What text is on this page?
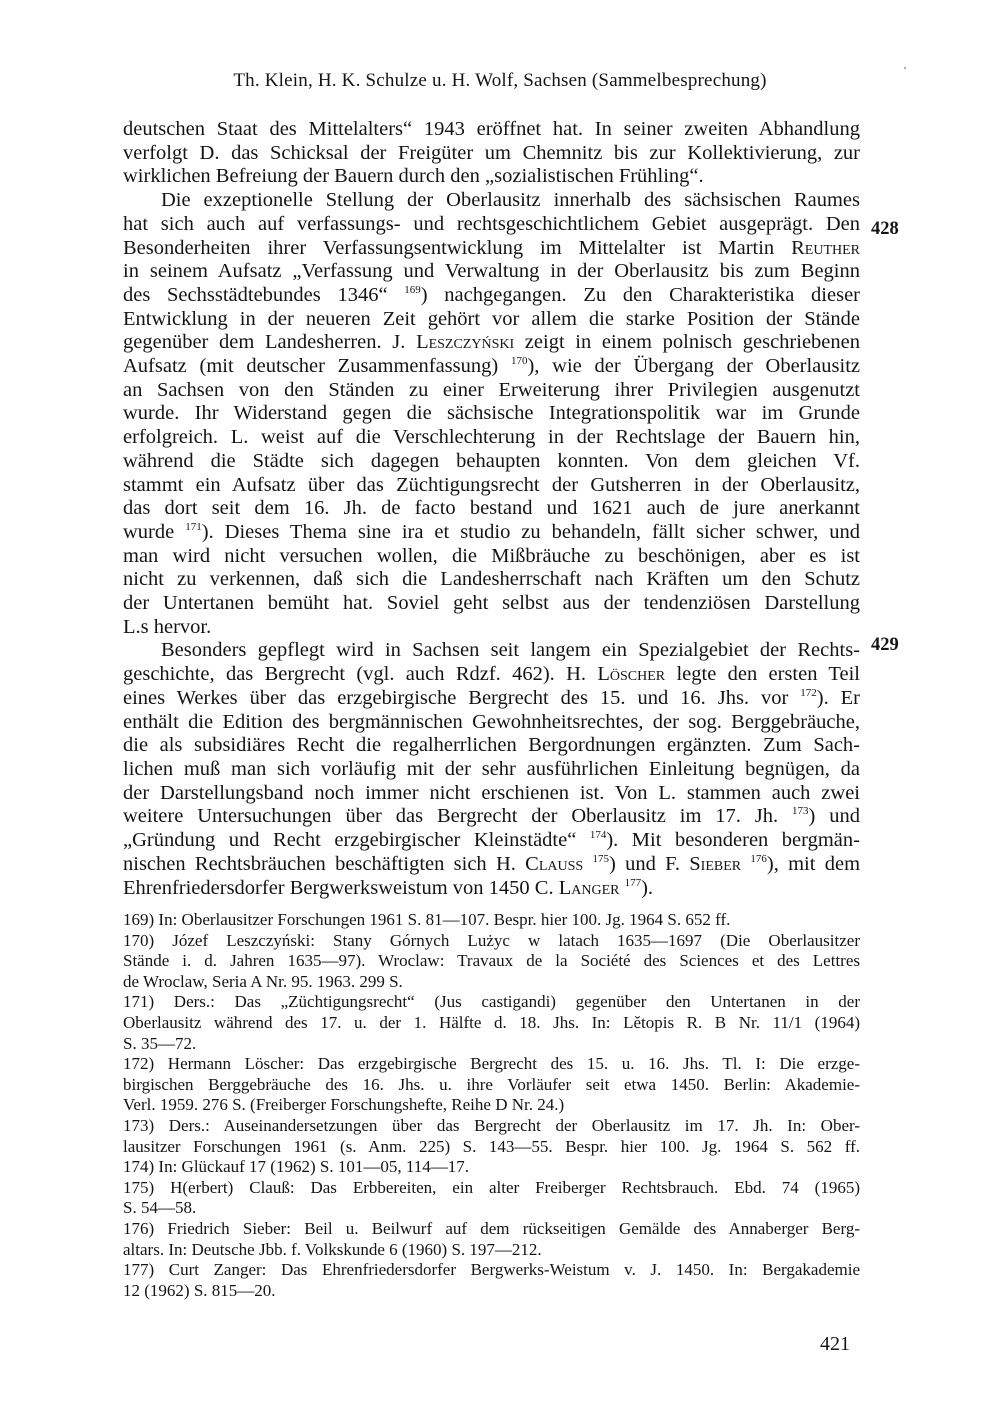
Th. Klein, H. K. Schulze u. H. Wolf, Sachsen (Sammelbesprechung)

deutschen Staat des Mittelalters“ 1943 eröffnet hat. In seiner zweiten Abhandlung
verfolgt D. das Schicksal der Freigüter um Chemnitz bis zur Kollektivierung, zur
wirklichen Befreiung der Bauern durch den „sozialistischen Frühling“.

Die exzeptionelle Stellung der Oberlausitz innerhalb des sächsischen Raumes
hat sich auch auf verfassungs- und rechtsgeschichtlichem Gebiet ausgeprägt. Den
Besonderheiten ihrer Verfassungsentwicklung im Mittelalter ist Martin Reuther
in seinem Aufsatz „Verfassung und Verwaltung in der Oberlausitz bis zum Beginn
des Sechsstädtebundes 1346“ $^{169}$) nachgegangen. Zu den Charakteristika dieser
Entwicklung in der neueren Zeit gehört vor allem die starke Position der Stände
gegenüber dem Landesherren. J. Leszczyński zeigt in einem polnisch geschriebenen
Aufsatz (mit deutscher Zusammenfassung) $^{170}$), wie der Übergang der Oberlausitz
an Sachsen von den Ständen zu einer Erweiterung ihrer Privilegien ausgenutzt
wurde. Ihr Widerstand gegen die sächsische Integrationspolitik war im Grunde
erfolgreich. L. weist auf die Verschlechterung in der Rechtslage der Bauern hin,
während die Städte sich dagegen behaupten konnten. Von dem gleichen Vf.
stammt ein Aufsatz über das Züchtigungsrecht der Gutsherren in der Oberlausitz,
das dort seit dem 16. Jh. de facto bestand und 1621 auch de jure anerkannt
wurde $^{171}$). Dieses Thema sine ira et studio zu behandeln, fällt sicher schwer, und
man wird nicht versuchen wollen, die Mißbräuche zu beschönigen, aber es ist
nicht zu verkennen, daß sich die Landesherrschaft nach Kräften um den Schutz
der Untertanen bemüht hat. Soviel geht selbst aus der tendenziösen Darstellung
L.s hervor.

Besonders gepflegt wird in Sachsen seit langem ein Spezialgebiet der Rechts-
geschichte, das Bergrecht (vgl. auch Rdzf. 462). H. Löscher legte den ersten Teil
eines Werkes über das erzgebirgische Bergrecht des 15. und 16. Jhs. vor $^{172}$). Er
enthält die Edition des bergmännischen Gewohnheitsrechtes, der sog. Berggebräuche,
die als subsidiäres Recht die regalherrlichen Bergordnungen ergänzten. Zum Sach-
lichen muß man sich vorläufig mit der sehr ausführlichen Einleitung begnügen, da
der Darstellungsband noch immer nicht erschienen ist. Von L. stammen auch zwei
weitere Untersuchungen über das Bergrecht der Oberlausitz im 17. Jh. $^{173}$) und
„Gründung und Recht erzgebirgischer Kleinstädte“ $^{174}$). Mit besonderen bergmän-
nischen Rechtsbräuchen beschäftigten sich H. Clauss $^{175}$) und F. Sieber $^{176}$), mit dem
Ehrenfriedersdorfer Bergwerksweistum von 1450 C. Langer $^{177}$).

428
429

169) In: Oberlausitzer Forschungen 1961 S. 81—107. Bespr. hier 100. Jg. 1964 S. 652 ff.

170) Józef Leszczyński: Stany Górnych Lużyc w latach 1635—1697 (Die Oberlausitzer
Stände i. d. Jahren 1635—97). Wroclaw: Travaux de la Société des Sciences et des Lettres
de Wroclaw, Seria A Nr. 95. 1963. 299 S.

171) Ders.: Das „Züchtigungsrecht“ (Jus castigandi) gegenüber den Untertanen in der
Oberlausitz während des 17. u. der 1. Hälfte d. 18. Jhs. In: Lětopis R. B Nr. 11/1 (1964)
S. 35—72.

172) Hermann Löscher: Das erzgebirgische Bergrecht des 15. u. 16. Jhs. Tl. I: Die erzge-
birgischen Berggebräuche des 16. Jhs. u. ihre Vorläufer seit etwa 1450. Berlin: Akademie-
Verl. 1959. 276 S. (Freiberger Forschungshefte, Reihe D Nr. 24.)

173) Ders.: Auseinandersetzungen über das Bergrecht der Oberlausitz im 17. Jh. In: Ober-
lausitzer Forschungen 1961 (s. Anm. 225) S. 143—55. Bespr. hier 100. Jg. 1964 S. 562 ff.

174) In: Glückauf 17 (1962) S. 101—05, 114—17.

175) H(erbert) Clauß: Das Erbbereiten, ein alter Freiberger Rechtsbrauch. Ebd. 74 (1965)
S. 54—58.

176) Friedrich Sieber: Beil u. Beilwurf auf dem rückseitigen Gemälde des Annaberger Berg-
altars. In: Deutsche Jbb. f. Volkskunde 6 (1960) S. 197—212.

177) Curt Zanger: Das Ehrenfriedersdorfer Bergwerks-Weistum v. J. 1450. In: Bergakademie
12 (1962) S. 815—20.

421
